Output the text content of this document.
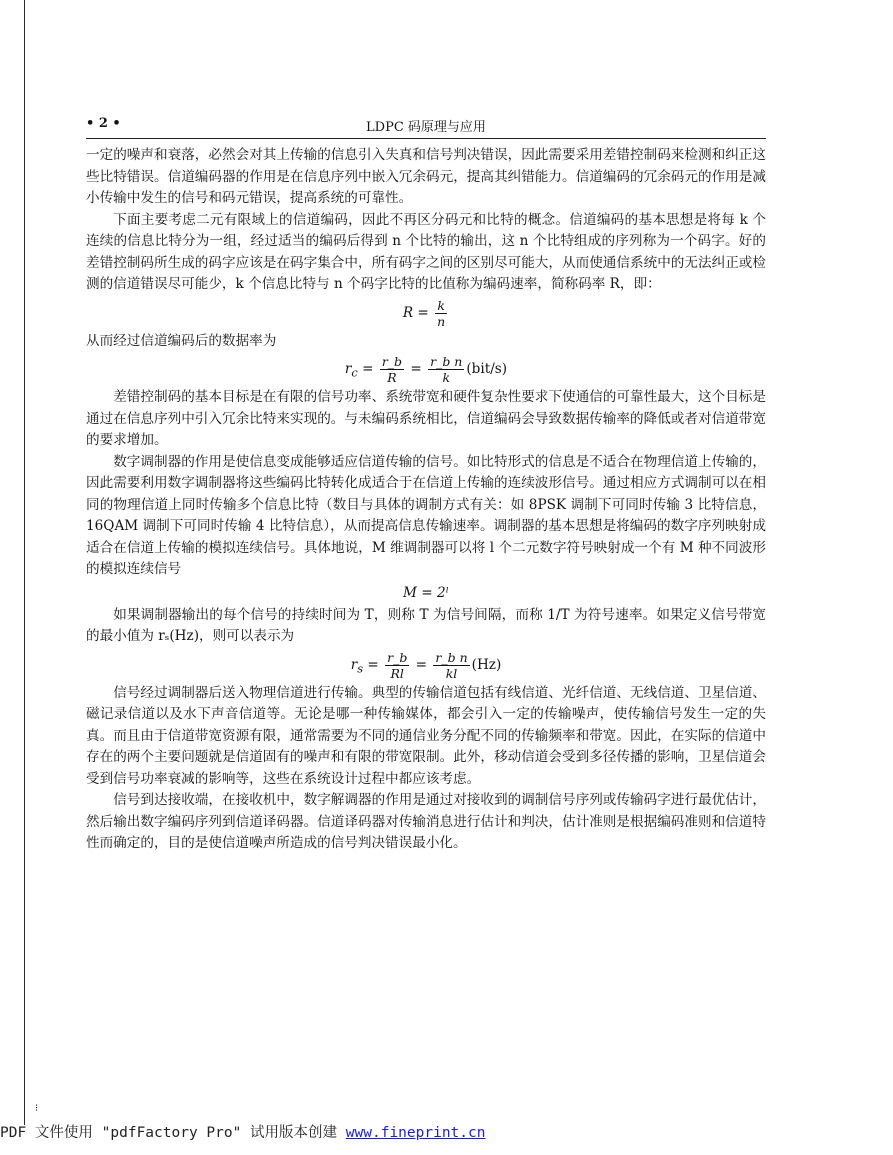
• 2 •	LDPC 码原理与应用

一定的噪声和衰落，必然会对其上传输的信息引入失真和信号判决错误，因此需要采用差错控制码来检测和纠正这些比特错误。信道编码器的作用是在信息序列中嵌入冗余码元，提高其纠错能力。信道编码的冗余码元的作用是减小传输中发生的信号和码元错误，提高系统的可靠性。

下面主要考虑二元有限域上的信道编码，因此不再区分码元和比特的概念。信道编码的基本思想是将每 k 个连续的信息比特分为一组，经过适当的编码后得到 n 个比特的输出，这 n 个比特组成的序列称为一个码字。好的差错控制码所生成的码字应该是在码字集合中，所有码字之间的区别尽可能大，从而使通信系统中的无法纠正或检测的信道错误尽可能少，k 个信息比特与 n 个码字比特的比值称为编码速率，简称码率 R，即：

$R = \frac{k}{n}$

从而经过信道编码后的数据率为

$r_c = \frac{r\_b}{R} = \frac{\text{r\_b n}}{k} (bit/s)$

差错控制码的基本目标是在有限的信号功率、系统带宽和硬件复杂性要求下使通信的可靠性最大，这个目标是通过在信息序列中引入冗余比特来实现的。与未编码系统相比，信道编码会导致数据传输率的降低或者对信道带宽的要求增加。

数字调制器的作用是使信息变成能够适应信道传输的信号。如比特形式的信息是不适合在物理信道上传输的，因此需要利用数字调制器将这些编码比特转化成适合于在信道上传输的连续波形信号。通过相应方式调制可以在相同的物理信道上同时传输多个信息比特（数目与具体的调制方式有关：如 8PSK 调制下可同时传输 3 比特信息，16QAM 调制下可同时传输 4 比特信息），从而提高信息传输速率。调制器的基本思想是将编码的数字序列映射成适合在信道上传输的模拟连续信号。具体地说，M 维调制器可以将 l 个二元数字符号映射成一个有 M 种不同波形的模拟连续信号

M = 2ˡ

如果调制器输出的每个信号的持续时间为 T，则称 T 为信号间隔，而称 1/T 为符号速率。如果定义信号带宽的最小值为 rₛ(Hz)，则可以表示为

$r_s = \frac{r\_b}{Rl} = \frac{\text{r\_b n}}{kl} (Hz)$

信号经过调制器后送入物理信道进行传输。典型的传输信道包括有线信道、光纤信道、无线信道、卫星信道、磁记录信道以及水下声音信道等。无论是哪一种传输媒体，都会引入一定的传输噪声，使传输信号发生一定的失真。而且由于信道带宽资源有限，通常需要为不同的通信业务分配不同的传输频率和带宽。因此，在实际的信道中存在的两个主要问题就是信道固有的噪声和有限的带宽限制。此外，移动信道会受到多径传播的影响，卫星信道会受到信号功率衰减的影响等，这些在系统设计过程中都应该考虑。

信号到达接收端，在接收机中，数字解调器的作用是通过对接收到的调制信号序列或传输码字进行最优估计，然后输出数字编码序列到信道译码器。信道译码器对传输消息进行估计和判决，估计准则是根据编码准则和信道特性而确定的，目的是使信道噪声所造成的信号判决错误最小化。

⁝
PDF 文件使用 "pdfFactory Pro" 试用版本创建 www.fineprint.cn
